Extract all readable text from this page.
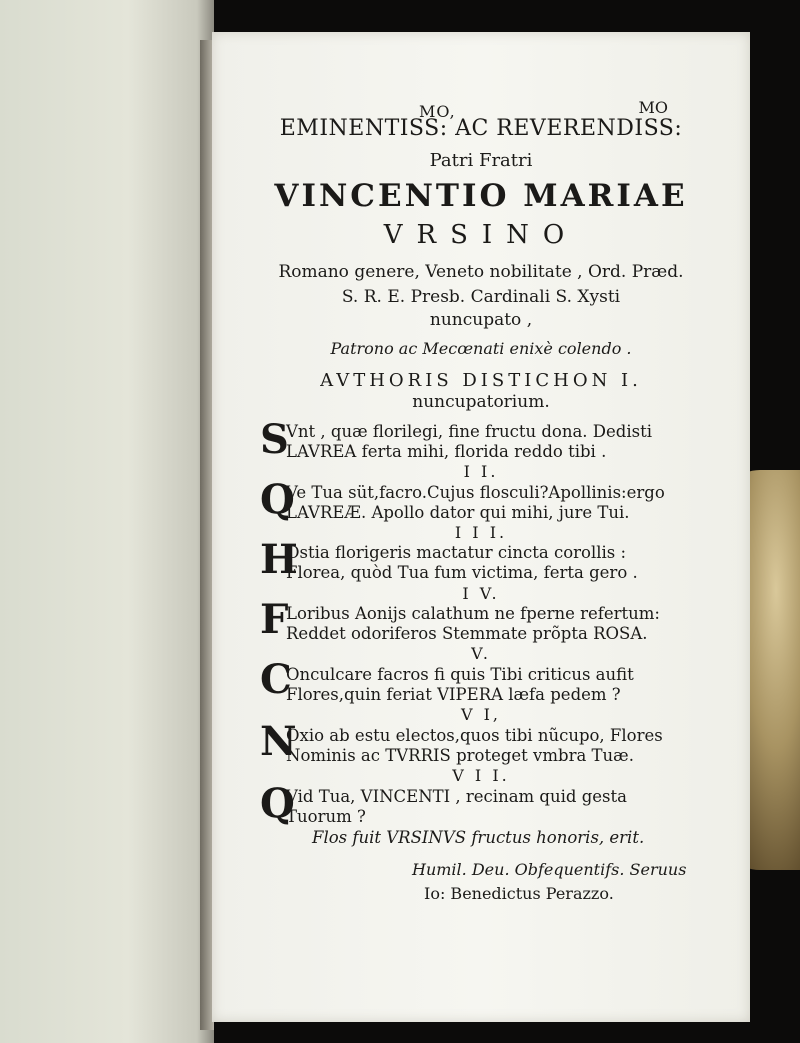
MO,	MO
EMINENTISS: AC REVERENDISS:
Patri Fratri
VINCENTIO MARIAE
VRSINO
Romano genere, Veneto nobilitate , Ord. Præd.
S. R. E. Presb. Cardinali S. Xysti
nuncupato ,
Patrono ac Mecœnati enixè colendo .
AVTHORIS DISTICHON I.
nuncupatorium.
S
Vnt , quæ florilegi, fine fructu dona. Dedisti
LAVREA ferta mihi, florida reddo tibi .
I I.
Q
Ve Tua süt,facro.Cujus flosculi?Apollinis:ergo
LAVREÆ. Apollo dator qui mihi, jure Tui.
I I I.
H
Ostia florigeris mactatur cincta corollis :
Florea, quòd Tua fum victima, ferta gero .
I V.
F
Loribus Aonijs calathum ne fperne refertum:
Reddet odoriferos Stemmate prõpta ROSA.
V.
C
Onculcare facros fi quis Tibi criticus aufit
Flores,quin feriat VIPERA læfa pedem ?
V I,
N
Oxio ab estu electos,quos tibi nũcupo, Flores
Nominis ac TVRRIS proteget vmbra Tuæ.
V I I.
Q
Vid Tua, VINCENTI , recinam quid gesta
Tuorum ?
Flos fuit VRSINVS fructus honoris, erit.
Humil. Deu. Obfequentifs. Seruus
Io: Benedictus Perazzo.
